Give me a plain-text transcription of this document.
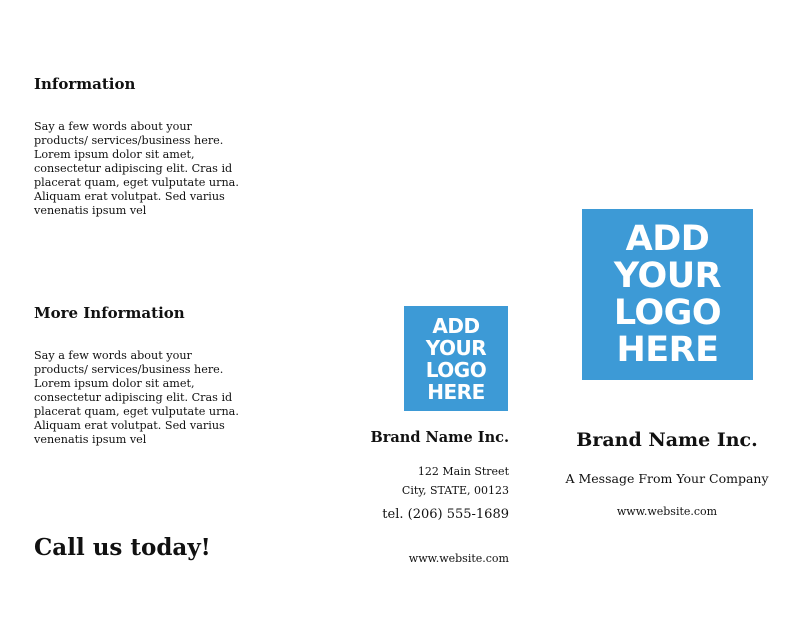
Information
Say a few words about your products/ services/business here. Lorem ipsum dolor sit amet, consectetur adipiscing elit. Cras id placerat quam, eget vulputate urna. Aliquam erat volutpat. Sed varius venenatis ipsum vel
More Information
Say a few words about your products/ services/business here. Lorem ipsum dolor sit amet, consectetur adipiscing elit. Cras id placerat quam, eget vulputate urna. Aliquam erat volutpat. Sed varius venenatis ipsum vel
Call us today!
ADD
YOUR
LOGO
HERE
Brand Name Inc.
122 Main Street
City, STATE, 00123
tel. (206) 555-1689
www.website.com
ADD
YOUR
LOGO
HERE
Brand Name Inc.
A Message From Your Company
www.website.com
